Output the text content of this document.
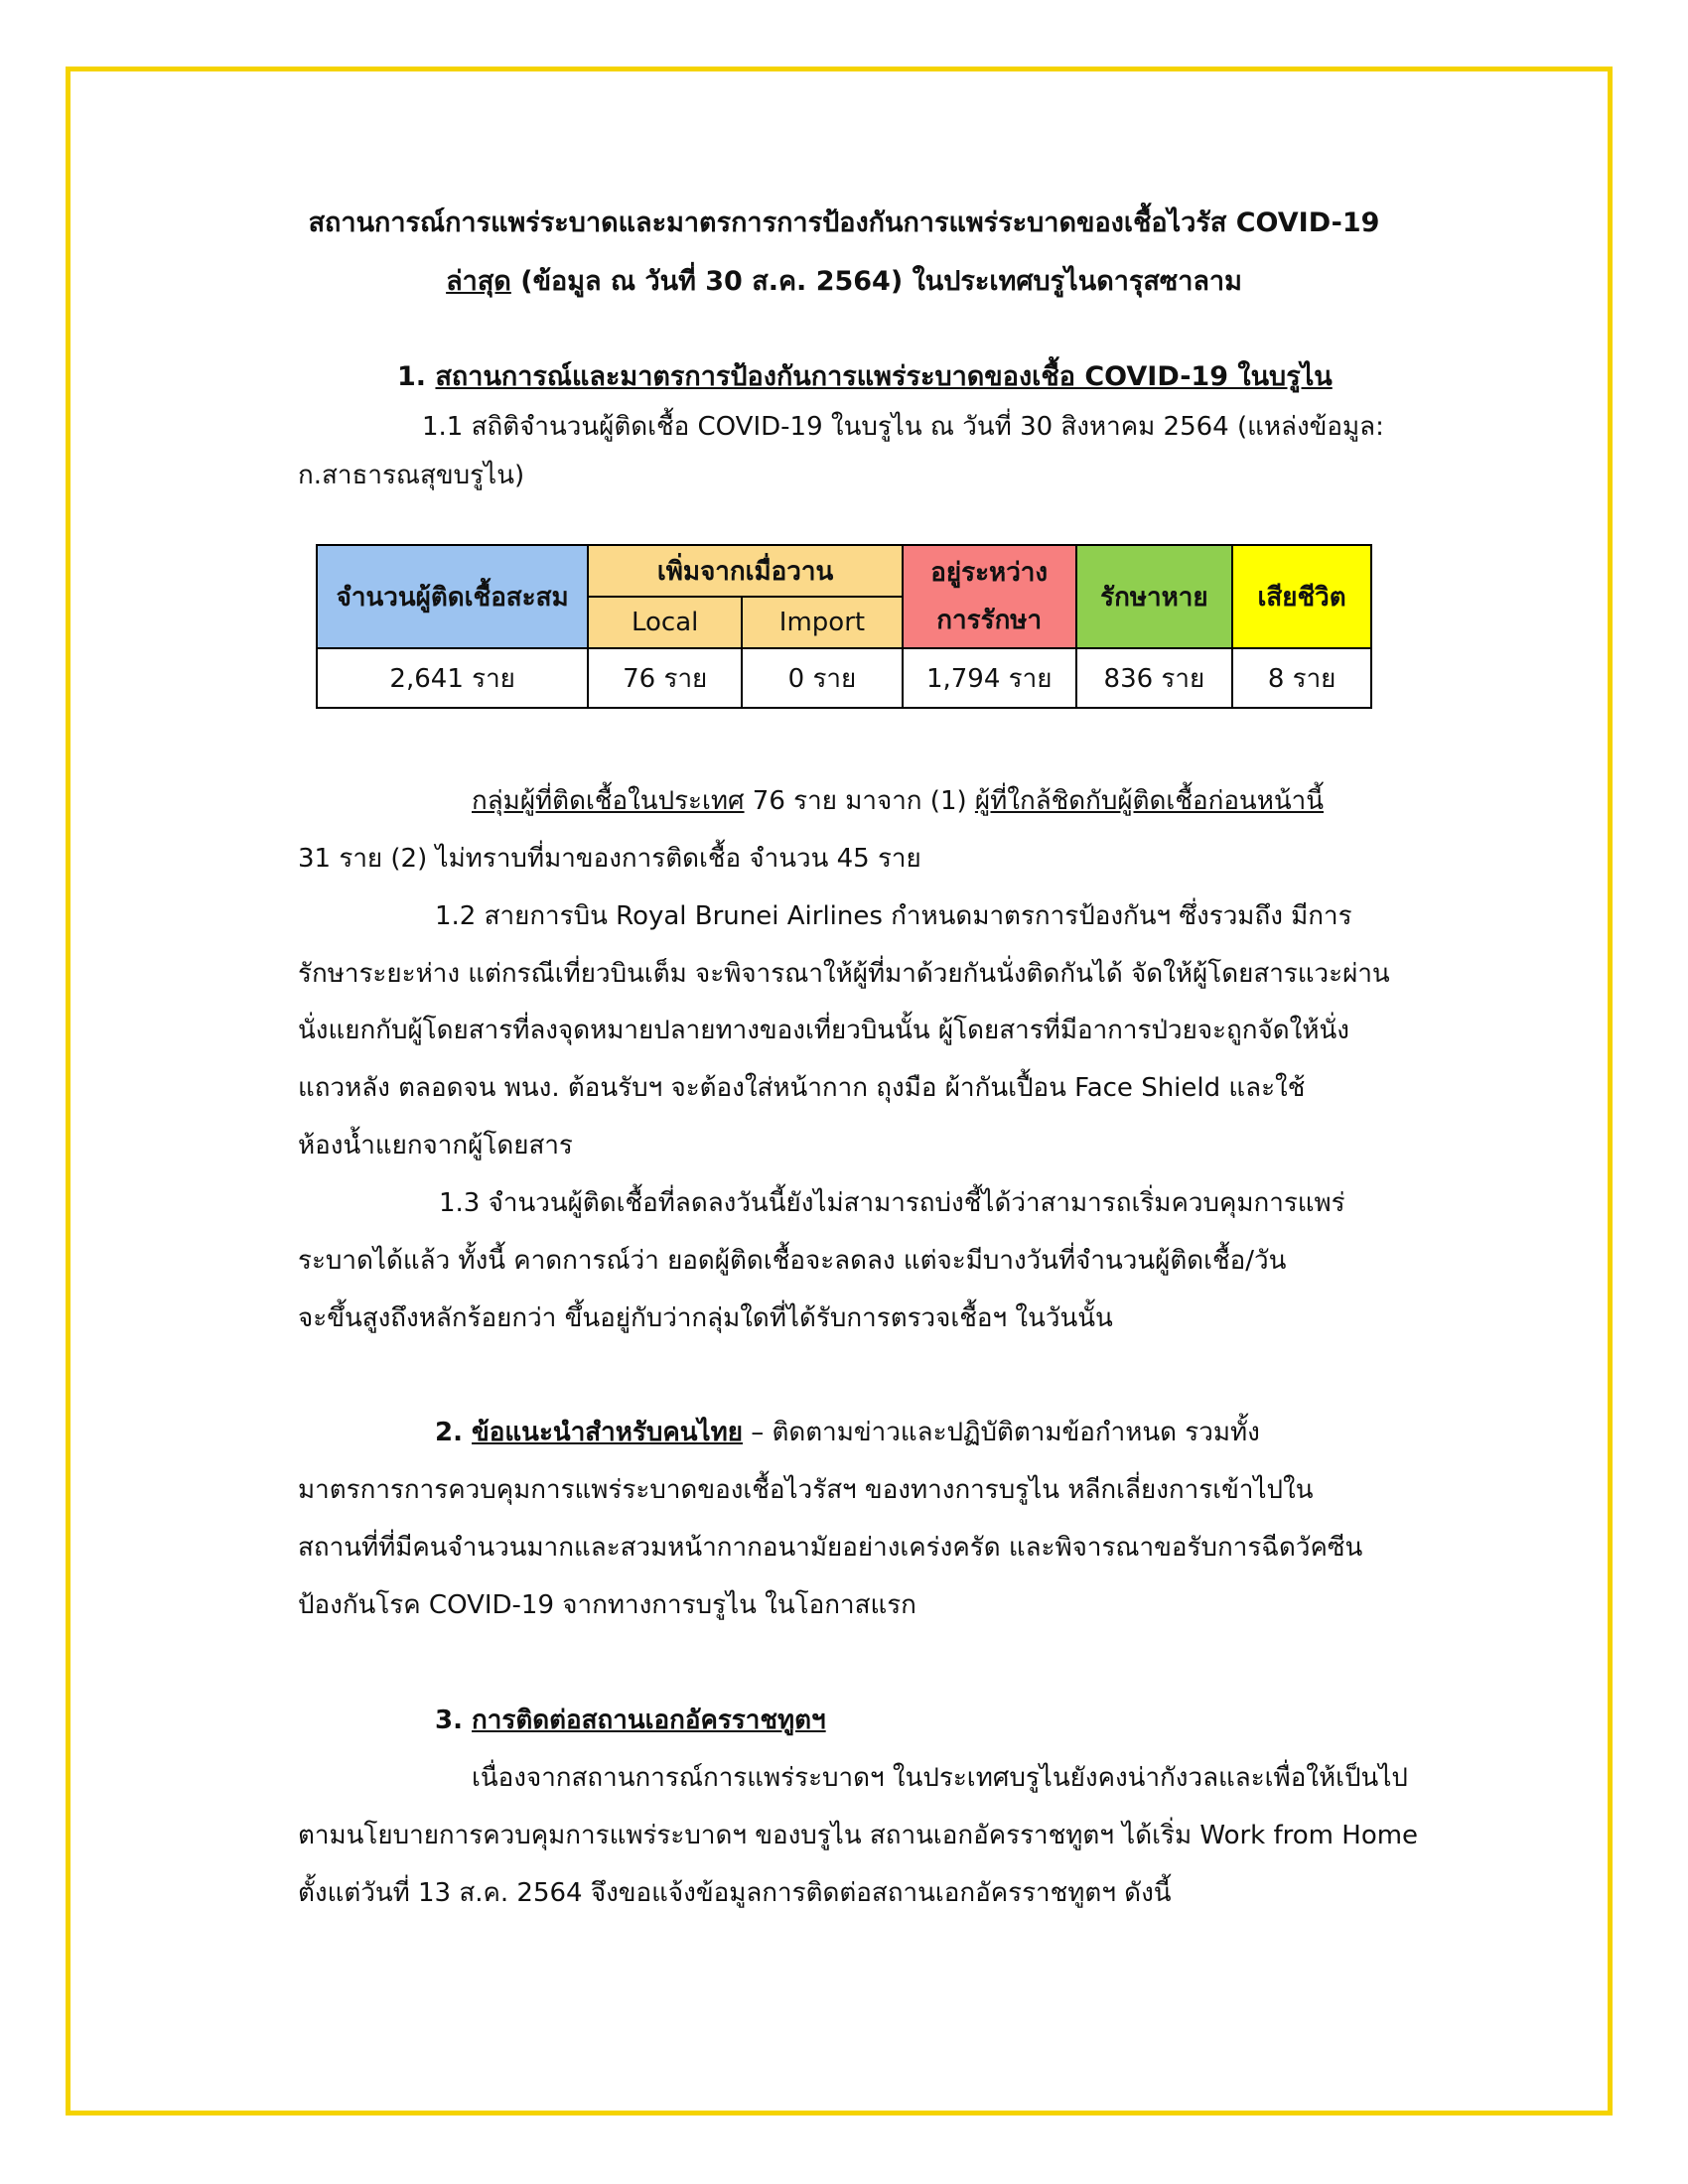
สถานการณ์การแพร่ระบาดและมาตรการการป้องกันการแพร่ระบาดของเชื้อไวรัส COVID-19
ล่าสุด (ข้อมูล ณ วันที่ 30 ส.ค. 2564) ในประเทศบรูไนดารุสซาลาม
1. สถานการณ์และมาตรการป้องกันการแพร่ระบาดของเชื้อ COVID-19 ในบรูไน
1.1 สถิติจำนวนผู้ติดเชื้อ COVID-19 ในบรูไน ณ วันที่ 30 สิงหาคม 2564 (แหล่งข้อมูล:
ก.สาธารณสุขบรูไน)
จำนวนผู้ติดเชื้อสะสม	เพิ่มจากเมื่อวาน		อยู่ระหว่าง การรักษา	รักษาหาย	เสียชีวิต
	Local	Import			
2,641 ราย	76 ราย	0 ราย	1,794 ราย	836 ราย	8 ราย
กลุ่มผู้ที่ติดเชื้อในประเทศ 76 ราย มาจาก (1) ผู้ที่ใกล้ชิดกับผู้ติดเชื้อก่อนหน้านี้
31 ราย (2) ไม่ทราบที่มาของการติดเชื้อ จำนวน 45 ราย
1.2 สายการบิน Royal Brunei Airlines กำหนดมาตรการป้องกันฯ ซึ่งรวมถึง มีการ
รักษาระยะห่าง แต่กรณีเที่ยวบินเต็ม จะพิจารณาให้ผู้ที่มาด้วยกันนั่งติดกันได้ จัดให้ผู้โดยสารแวะผ่าน
นั่งแยกกับผู้โดยสารที่ลงจุดหมายปลายทางของเที่ยวบินนั้น ผู้โดยสารที่มีอาการป่วยจะถูกจัดให้นั่ง
แถวหลัง ตลอดจน พนง. ต้อนรับฯ จะต้องใส่หน้ากาก ถุงมือ ผ้ากันเปื้อน Face Shield และใช้
ห้องน้ำแยกจากผู้โดยสาร
1.3 จำนวนผู้ติดเชื้อที่ลดลงวันนี้ยังไม่สามารถบ่งชี้ได้ว่าสามารถเริ่มควบคุมการแพร่
ระบาดได้แล้ว ทั้งนี้ คาดการณ์ว่า ยอดผู้ติดเชื้อจะลดลง แต่จะมีบางวันที่จำนวนผู้ติดเชื้อ/วัน
จะขึ้นสูงถึงหลักร้อยกว่า ขึ้นอยู่กับว่ากลุ่มใดที่ได้รับการตรวจเชื้อฯ ในวันนั้น
2. ข้อแนะนำสำหรับคนไทย – ติดตามข่าวและปฏิบัติตามข้อกำหนด รวมทั้ง
มาตรการการควบคุมการแพร่ระบาดของเชื้อไวรัสฯ ของทางการบรูไน หลีกเลี่ยงการเข้าไปใน
สถานที่ที่มีคนจำนวนมากและสวมหน้ากากอนามัยอย่างเคร่งครัด และพิจารณาขอรับการฉีดวัคซีน
ป้องกันโรค COVID-19 จากทางการบรูไน ในโอกาสแรก
3. การติดต่อสถานเอกอัครราชทูตฯ
เนื่องจากสถานการณ์การแพร่ระบาดฯ ในประเทศบรูไนยังคงน่ากังวลและเพื่อให้เป็นไป
ตามนโยบายการควบคุมการแพร่ระบาดฯ ของบรูไน สถานเอกอัครราชทูตฯ ได้เริ่ม Work from Home
ตั้งแต่วันที่ 13 ส.ค. 2564 จึงขอแจ้งข้อมูลการติดต่อสถานเอกอัครราชทูตฯ ดังนี้
